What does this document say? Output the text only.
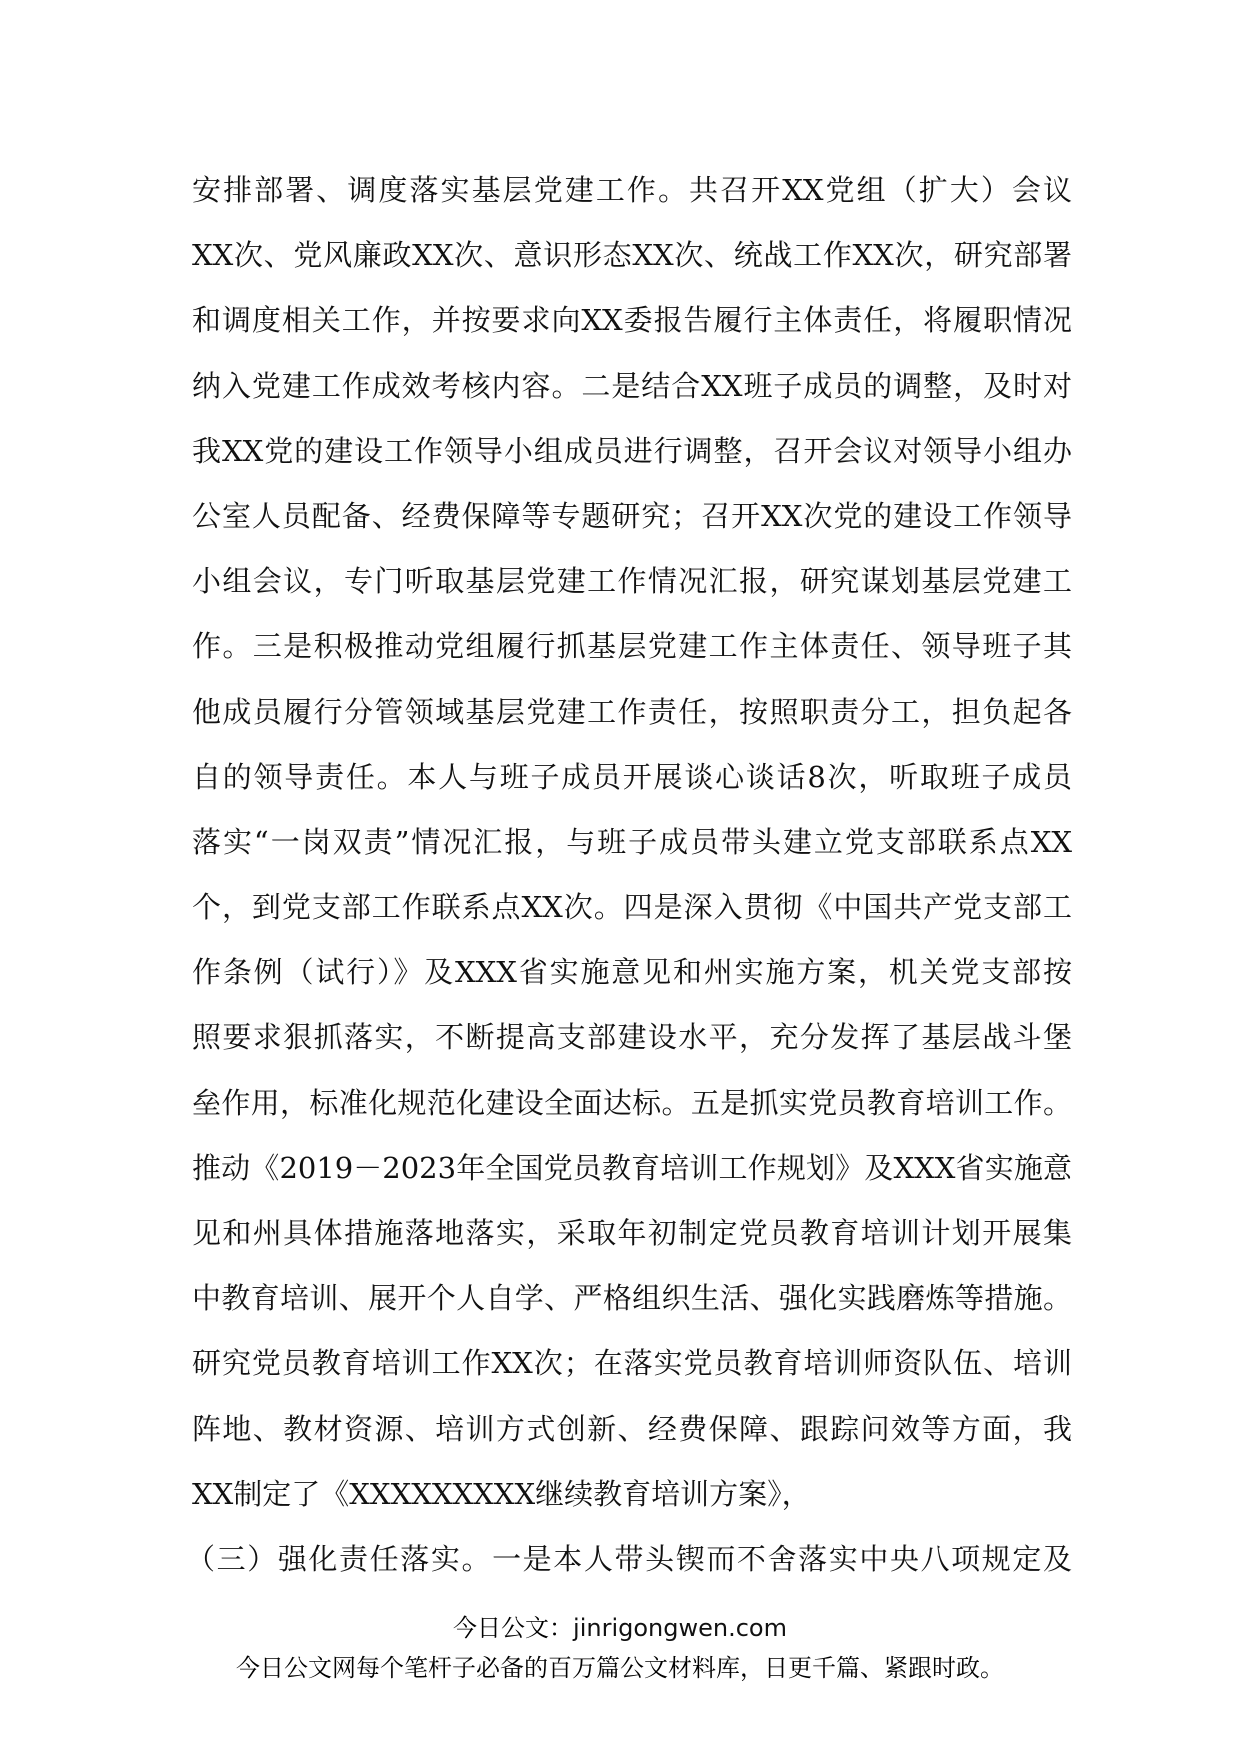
安排部署、调度落实基层党建工作。共召开XX党组（扩大）会议
XX次、党风廉政XX次、意识形态XX次、统战工作XX次，研究部署
和调度相关工作，并按要求向XX委报告履行主体责任，将履职情况
纳入党建工作成效考核内容。二是结合XX班子成员的调整，及时对
我XX党的建设工作领导小组成员进行调整，召开会议对领导小组办
公室人员配备、经费保障等专题研究；召开XX次党的建设工作领导
小组会议，专门听取基层党建工作情况汇报，研究谋划基层党建工
作。三是积极推动党组履行抓基层党建工作主体责任、领导班子其
他成员履行分管领域基层党建工作责任，按照职责分工，担负起各
自的领导责任。本人与班子成员开展谈心谈话8次，听取班子成员
落实“一岗双责”情况汇报，与班子成员带头建立党支部联系点XX
个，到党支部工作联系点XX次。四是深入贯彻《中国共产党支部工
作条例（试行）》及XXX省实施意见和州实施方案，机关党支部按
照要求狠抓落实，不断提高支部建设水平，充分发挥了基层战斗堡
垒作用，标准化规范化建设全面达标。五是抓实党员教育培训工作。
推动《2019－2023年全国党员教育培训工作规划》及XXX省实施意
见和州具体措施落地落实，采取年初制定党员教育培训计划开展集
中教育培训、展开个人自学、严格组织生活、强化实践磨炼等措施。
研究党员教育培训工作XX次；在落实党员教育培训师资队伍、培训
阵地、教材资源、培训方式创新、经费保障、跟踪问效等方面，我
XX制定了《XXXXXXXXX继续教育培训方案》，
（三）强化责任落实。一是本人带头锲而不舍落实中央八项规定及
今日公文：jinrigongwen.com
今日公文网每个笔杆子必备的百万篇公文材料库，日更千篇、紧跟时政。
